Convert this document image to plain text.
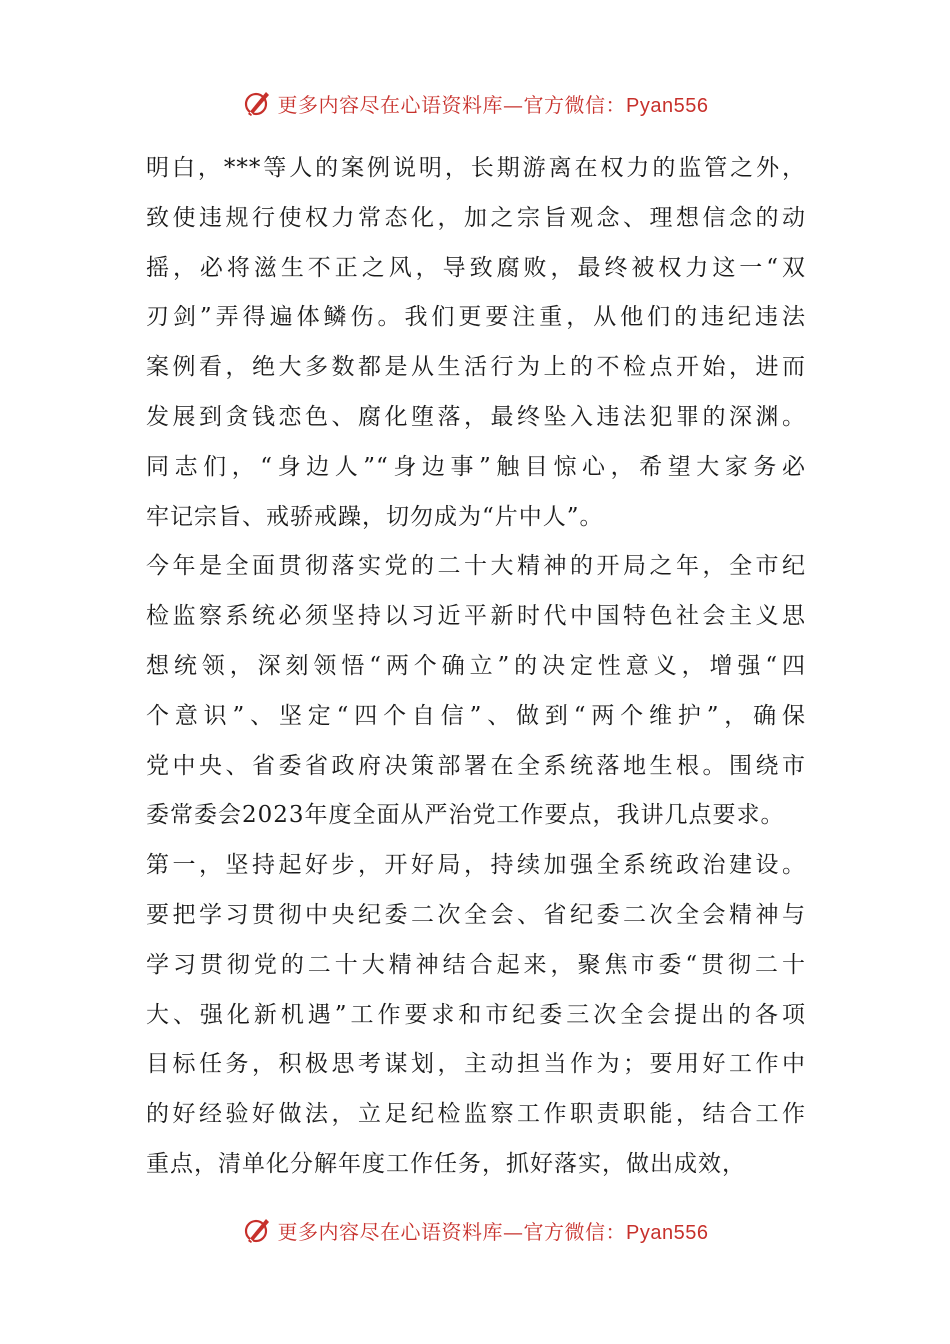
更多内容尽在心语资料库—官方微信：Pyan556
明白，***等人的案例说明，长期游离在权力的监管之外，
致使违规行使权力常态化，加之宗旨观念、理想信念的动
摇，必将滋生不正之风，导致腐败，最终被权力这一“双
刃剑”弄得遍体鳞伤。我们更要注重，从他们的违纪违法
案例看，绝大多数都是从生活行为上的不检点开始，进而
发展到贪钱恋色、腐化堕落，最终坠入违法犯罪的深渊。
同志们，“身边人”“身边事”触目惊心，希望大家务必
牢记宗旨、戒骄戒躁，切勿成为“片中人”。
今年是全面贯彻落实党的二十大精神的开局之年，全市纪
检监察系统必须坚持以习近平新时代中国特色社会主义思
想统领，深刻领悟“两个确立”的决定性意义，增强“四
个意识”、坚定“四个自信”、做到“两个维护”，确保
党中央、省委省政府决策部署在全系统落地生根。围绕市
委常委会2023年度全面从严治党工作要点，我讲几点要求。
第一，坚持起好步，开好局，持续加强全系统政治建设。
要把学习贯彻中央纪委二次全会、省纪委二次全会精神与
学习贯彻党的二十大精神结合起来，聚焦市委“贯彻二十
大、强化新机遇”工作要求和市纪委三次全会提出的各项
目标任务，积极思考谋划，主动担当作为；要用好工作中
的好经验好做法，立足纪检监察工作职责职能，结合工作
重点，清单化分解年度工作任务，抓好落实，做出成效，
更多内容尽在心语资料库—官方微信：Pyan556
